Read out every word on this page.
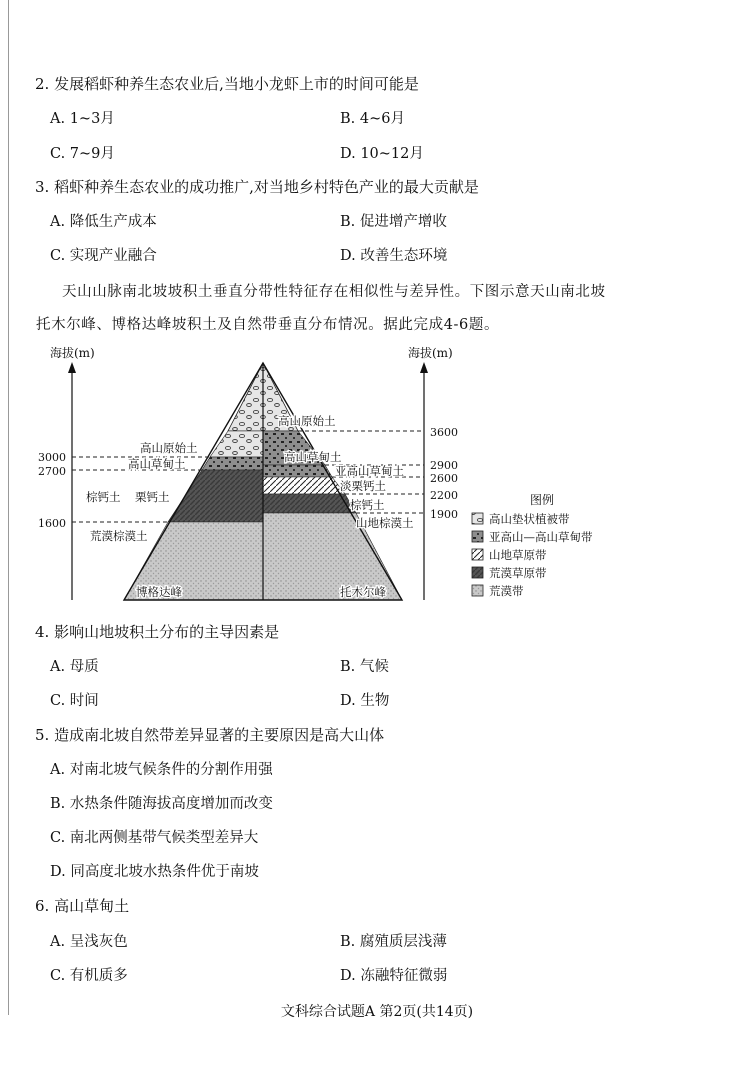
2. 发展稻虾种养生态农业后,当地小龙虾上市的时间可能是
A. 1~3月	B. 4~6月
C. 7~9月	D. 10~12月
3. 稻虾种养生态农业的成功推广,对当地乡村特色产业的最大贡献是
A. 降低生产成本	B. 促进增产增收
C. 实现产业融合	D. 改善生态环境
天山山脉南北坡坡积土垂直分带性特征存在相似性与差异性。下图示意天山南北坡
托木尔峰、博格达峰坡积土及自然带垂直分布情况。据此完成4-6题。
海拔(m)	海拔(m)
3000
2700
1600
3600
2900
2600
2200
1900
高山原始土
高山草甸土
棕钙土 栗钙土
荒漠棕漠土
高山原始土
高山草甸土
亚高山草甸土
淡栗钙土
棕钙土
山地棕漠土
博格达峰	托木尔峰
图例
高山垫状植被带
亚高山—高山草甸带
山地草原带
荒漠草原带
荒漠带
4. 影响山地坡积土分布的主导因素是
A. 母质	B. 气候
C. 时间	D. 生物
5. 造成南北坡自然带差异显著的主要原因是高大山体
A. 对南北坡气候条件的分割作用强
B. 水热条件随海拔高度增加而改变
C. 南北两侧基带气候类型差异大
D. 同高度北坡水热条件优于南坡
6. 高山草甸土
A. 呈浅灰色	B. 腐殖质层浅薄
C. 有机质多	D. 冻融特征微弱
文科综合试题A 第2页(共14页)
